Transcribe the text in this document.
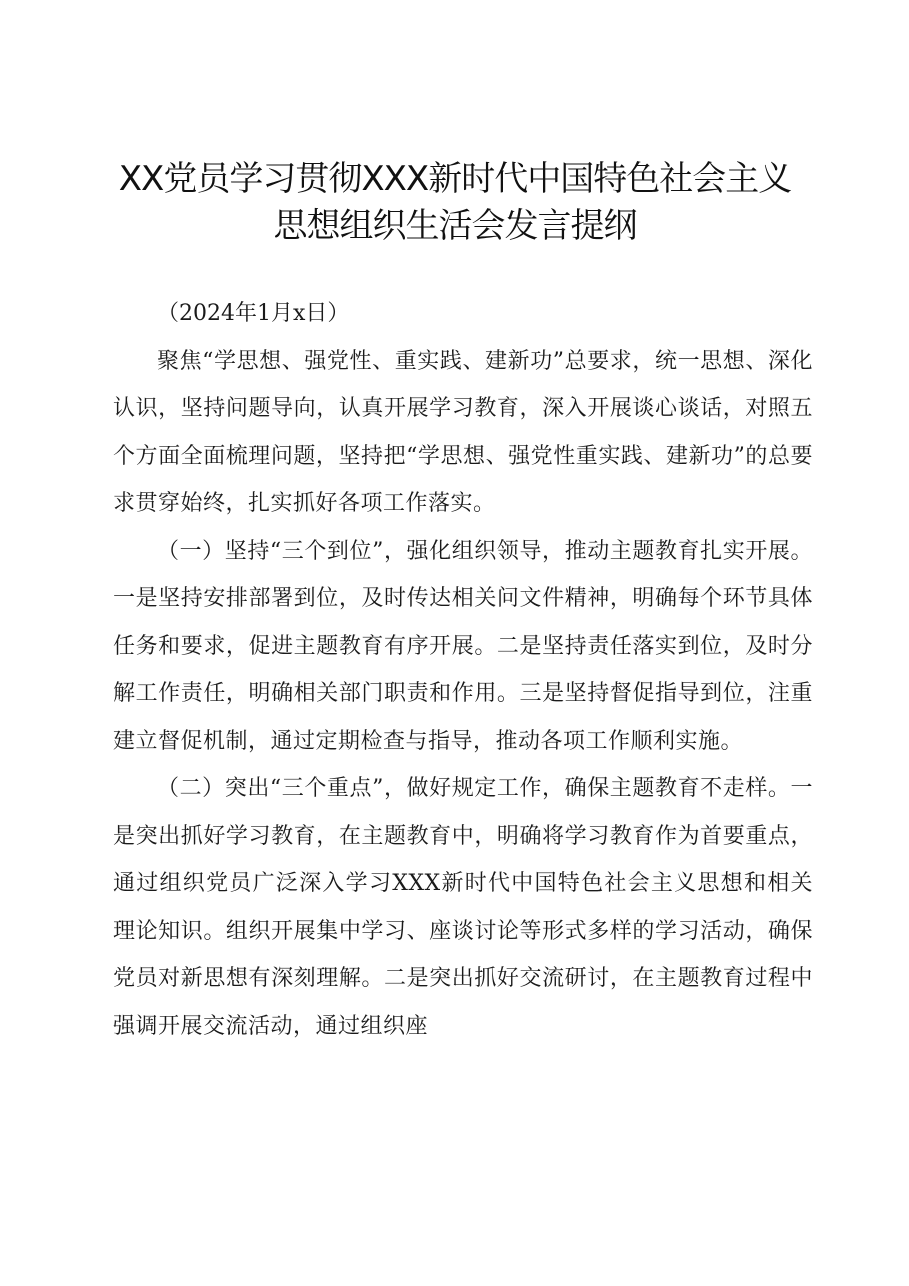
XX党员学习贯彻XXX新时代中国特色社会主义
思想组织生活会发言提纲

（2024年1月x日）

聚焦“学思想、强党性、重实践、建新功”总要求，统一思想、深化认识，坚持问题导向，认真开展学习教育，深入开展谈心谈话，对照五个方面全面梳理问题，坚持把“学思想、强党性重实践、建新功”的总要求贯穿始终，扎实抓好各项工作落实。

（一）坚持“三个到位”，强化组织领导，推动主题教育扎实开展。一是坚持安排部署到位，及时传达相关问文件精神，明确每个环节具体任务和要求，促进主题教育有序开展。二是坚持责任落实到位，及时分解工作责任，明确相关部门职责和作用。三是坚持督促指导到位，注重建立督促机制，通过定期检查与指导，推动各项工作顺利实施。

（二）突出“三个重点”，做好规定工作，确保主题教育不走样。一是突出抓好学习教育，在主题教育中，明确将学习教育作为首要重点，通过组织党员广泛深入学习XXX新时代中国特色社会主义思想和相关理论知识。组织开展集中学习、座谈讨论等形式多样的学习活动，确保党员对新思想有深刻理解。二是突出抓好交流研讨，在主题教育过程中强调开展交流活动，通过组织座
